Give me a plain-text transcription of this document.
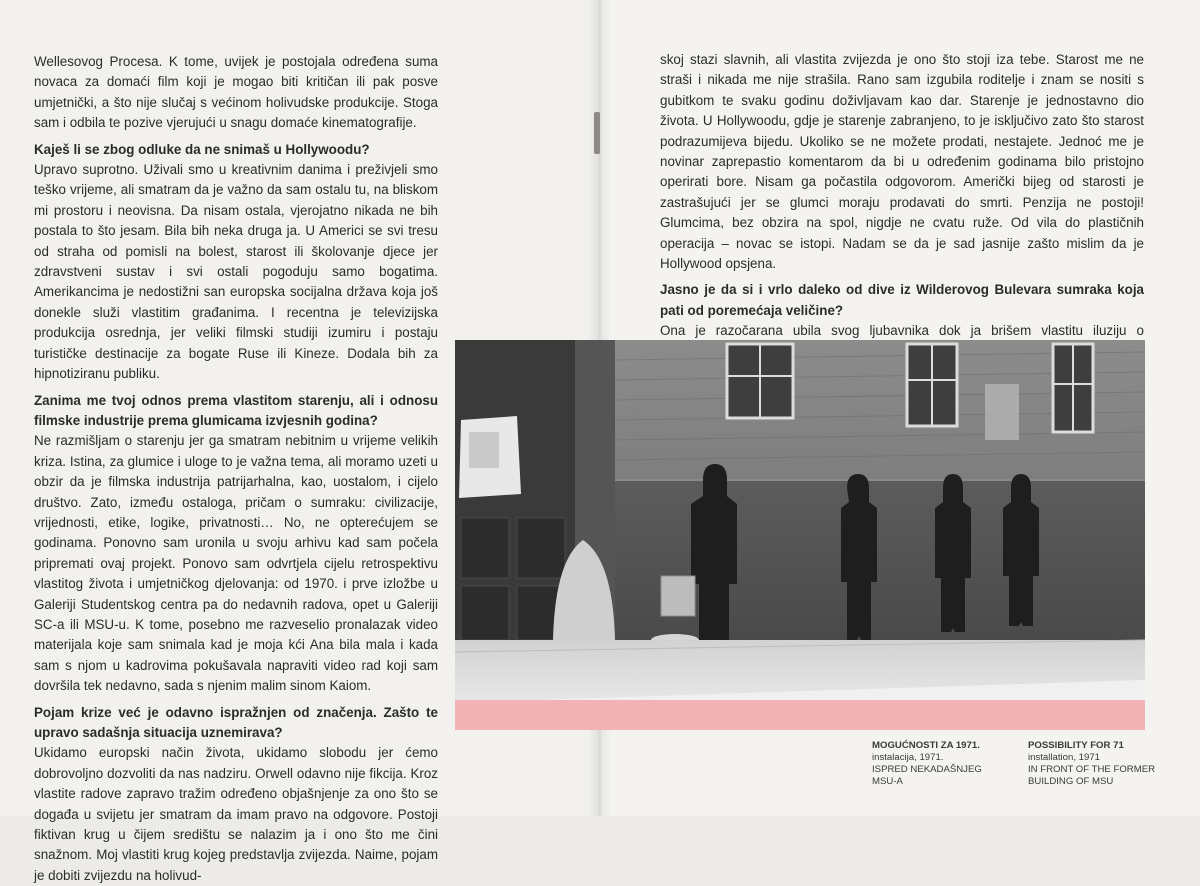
Wellesovog Procesa. K tome, uvijek je postojala određena suma novaca za domaći film koji je mogao biti kritičan ili pak posve umjetnički, a što nije slučaj s većinom holivudske produkcije. Stoga sam i odbila te pozive vjerujući u snagu domaće kinematografije.

Kaješ li se zbog odluke da ne snimaš u Hollywoodu?

Upravo suprotno. Uživali smo u kreativnim danima i preživjeli smo teško vrijeme, ali smatram da je važno da sam ostalu tu, na bliskom mi prostoru i neovisna. Da nisam ostala, vjerojatno nikada ne bih postala to što jesam. Bila bih neka druga ja. U Americi se svi tresu od straha od pomisli na bolest, starost ili školovanje djece jer zdravstveni sustav i svi ostali pogoduju samo bogatima. Amerikancima je nedostižni san europska socijalna država koja još donekle služi vlastitim građanima. I recentna je televizijska produkcija osrednja, jer veliki filmski studiji izumiru i postaju turističke destinacije za bogate Ruse ili Kineze. Dodala bih za hipnotiziranu publiku.

Zanima me tvoj odnos prema vlastitom starenju, ali i odnosu filmske industrije prema glumicama izvjesnih godina?

Ne razmišljam o starenju jer ga smatram nebitnim u vrijeme velikih kriza. Istina, za glumice i uloge to je važna tema, ali moramo uzeti u obzir da je filmska industrija patrijarhalna, kao, uostalom, i cijelo društvo. Zato, između ostaloga, pričam o sumraku: civilizacije, vrijednosti, etike, logike, privatnosti… No, ne opterećujem se godinama. Ponovno sam uronila u svoju arhivu kad sam počela pripremati ovaj projekt. Ponovo sam odvrtjela cijelu retrospektivu vlastitog života i umjetničkog djelovanja: od 1970. i prve izložbe u Galeriji Studentskog centra pa do nedavnih radova, opet u Galeriji SC-a ili MSU-u. K tome, posebno me razveselio pronalazak video materijala koje sam snimala kad je moja kći Ana bila mala i kada sam s njom u kadrovima pokušavala napraviti video rad koji sam dovršila tek nedavno, sada s njenim malim sinom Kaiom.

Pojam krize već je odavno ispražnjen od značenja. Zašto te upravo sadašnja situacija uznemirava?

Ukidamo europski način života, ukidamo slobodu jer ćemo dobrovoljno dozvoliti da nas nadziru. Orwell odavno nije fikcija. Kroz vlastite radove zapravo tražim određeno objašnjenje za ono što se događa u svijetu jer smatram da imam pravo na odgovore. Postoji fiktivan krug u čijem središtu se nalazim ja i ono što me čini snažnom. Moj vlastiti krug kojeg predstavlja zvijezda. Naime, pojam je dobiti zvijezdu na holivud-

skoj stazi slavnih, ali vlastita zvijezda je ono što stoji iza tebe. Starost me ne straši i nikada me nije strašila. Rano sam izgubila roditelje i znam se nositi s gubitkom te svaku godinu doživljavam kao dar. Starenje je jednostavno dio života. U Hollywoodu, gdje je starenje zabranjeno, to je isključivo zato što starost podrazumijeva bijedu. Ukoliko se ne možete prodati, nestajete. Jednoć me je novinar zaprepastio komentarom da bi u određenim godinama bilo pristojno operirati bore. Nisam ga počastila odgovorom. Američki bijeg od starosti je zastrašujući jer se glumci moraju prodavati do smrti. Penzija ne postoji! Glumcima, bez obzira na spol, nigdje ne cvatu ruže. Od vila do plastičnih operacija – novac se istopi. Nadam se da je sad jasnije zašto mislim da je Hollywood opsjena.

Jasno je da si i vrlo daleko od dive iz Wilderovog Bulevara sumraka koja pati od poremećaja veličine?

Ona je razočarana ubila svog ljubavnika dok ja brišem vlastitu iluziju o

MOGUĆNOSTI ZA 1971.
instalacija, 1971.
ISPRED NEKADAŠNJEG
MSU-A
POSSIBILITY FOR 71
installation, 1971
IN FRONT OF THE FORMER
BUILDING OF MSU
